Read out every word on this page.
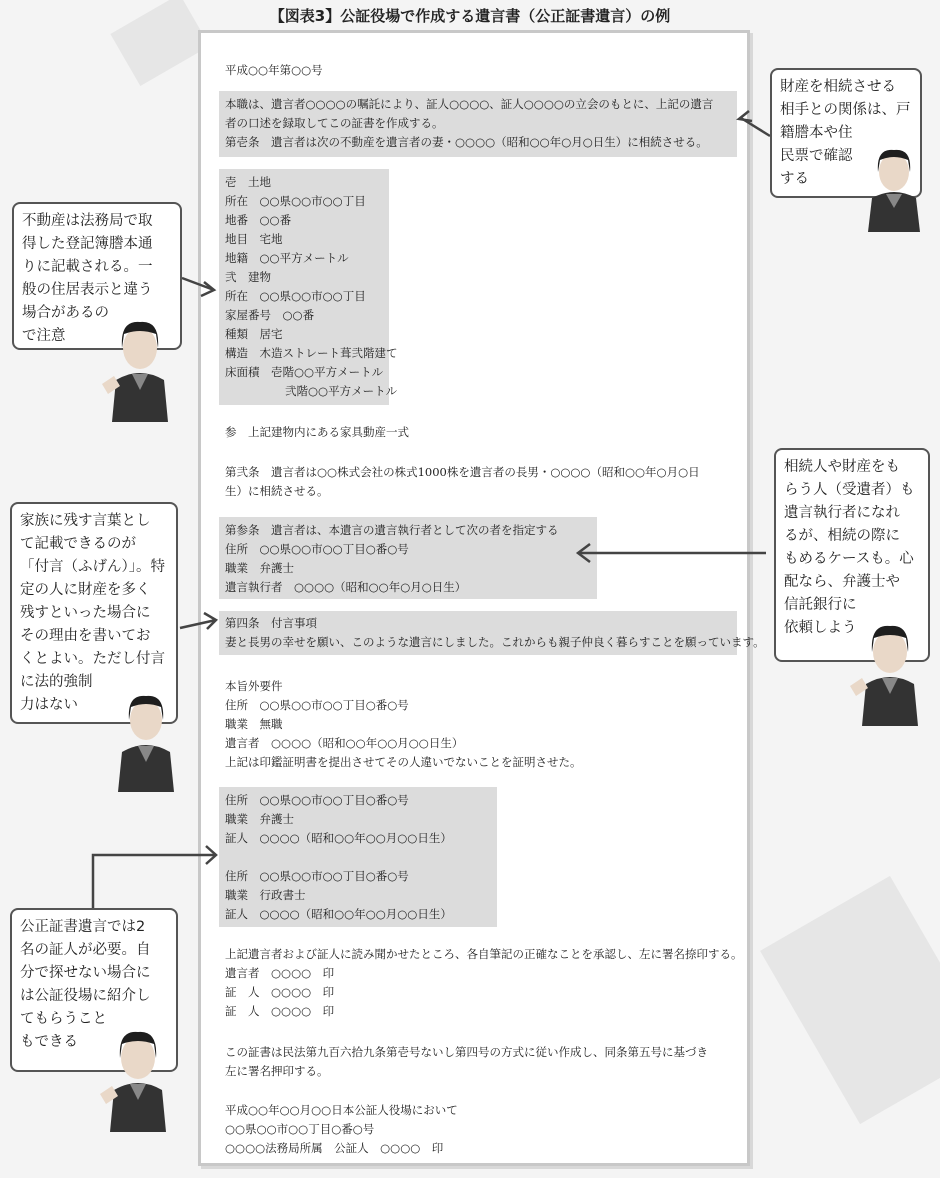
【図表3】公証役場で作成する遺言書（公正証書遺言）の例
平成○○年第○○号
本職は、遺言者○○○○の嘱託により、証人○○○○、証人○○○○の立会のもとに、上記の遺言
者の口述を録取してこの証書を作成する。
第壱条　遺言者は次の不動産を遺言者の妻・○○○○（昭和○○年○月○日生）に相続させる。
壱　土地
所在　○○県○○市○○丁目
地番　○○番
地目　宅地
地籍　○○平方メートル
弐　建物
所在　○○県○○市○○丁目
家屋番号　○○番
種類　居宅
構造　木造ストレート葺弐階建て
床面積　壱階○○平方メートル
弐階○○平方メートル
参　上記建物内にある家具動産一式
第弐条　遺言者は○○株式会社の株式1000株を遺言者の長男・○○○○（昭和○○年○月○日
生）に相続させる。
第参条　遺言者は、本遺言の遺言執行者として次の者を指定する
住所　○○県○○市○○丁目○番○号
職業　弁護士
遺言執行者　○○○○（昭和○○年○月○日生）
第四条　付言事項
妻と長男の幸せを願い、このような遺言にしました。これからも親子仲良く暮らすことを願っています。
本旨外要件
住所　○○県○○市○○丁目○番○号
職業　無職
遺言者　○○○○（昭和○○年○○月○○日生）
上記は印鑑証明書を提出させてその人違いでないことを証明させた。
住所　○○県○○市○○丁目○番○号
職業　弁護士
証人　○○○○（昭和○○年○○月○○日生）
住所　○○県○○市○○丁目○番○号
職業　行政書士
証人　○○○○（昭和○○年○○月○○日生）
上記遺言者および証人に読み聞かせたところ、各自筆記の正確なことを承認し、左に署名捺印する。
遺言者　○○○○　印
証　人　○○○○　印
証　人　○○○○　印
この証書は民法第九百六拾九条第壱号ないし第四号の方式に従い作成し、同条第五号に基づき
左に署名押印する。
平成○○年○○月○○日本公証人役場において
○○県○○市○○丁目○番○号
○○○○法務局所属　公証人　○○○○　印
財産を相続させる
相手との関係は、戸
籍謄本や住
民票で確認
する
不動産は法務局で取
得した登記簿謄本通
りに記載される。一
般の住居表示と違う
場合があるの
で注意
相続人や財産をも
らう人（受遺者）も
遺言執行者になれ
るが、相続の際に
もめるケースも。心
配なら、弁護士や
信託銀行に
依頼しよう
家族に残す言葉とし
て記載できるのが
「付言（ふげん）」。特
定の人に財産を多く
残すといった場合に
その理由を書いてお
くとよい。ただし付言
に法的強制
力はない
公正証書遺言では2
名の証人が必要。自
分で探せない場合に
は公証役場に紹介し
てもらうこと
もできる
